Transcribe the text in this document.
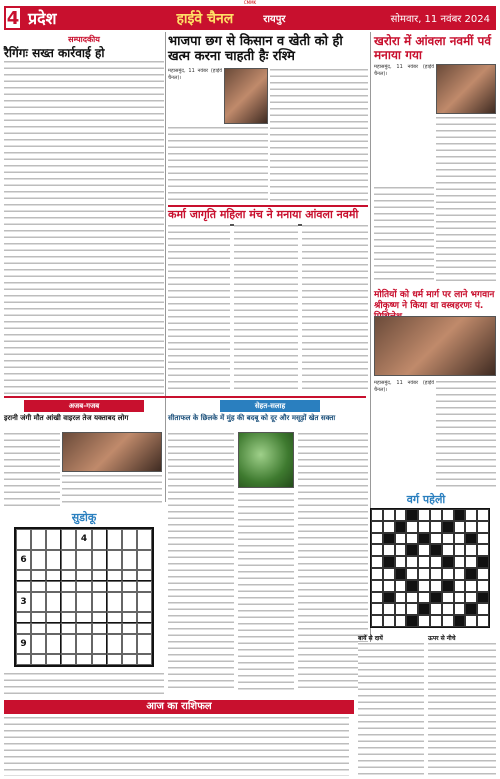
CMMK
4 प्रदेश	हाईवे चैनल	रायपुर	सोमवार, 11 नवंबर 2024
सम्पादकीय
रैगिंगः सख्त कार्रवाई हो
भाजपा छग से किसान व खेती को ही खत्म करना चाहती हैः रश्मि
महासमुंद, 11 नवंबर (हाईवे चैनल)।
खरोरा में आंवला नवमीं पर्व मनाया गया
महासमुंद, 11 नवंबर (हाईवे चैनल)।
कर्मा जागृति महिला मंच ने मनाया आंवला नवमी
मोतियों को धर्म मार्ग पर लाने भगवान श्रीकृष्ण ने किया था वस्त्रहरणः पं.
महासमुंद, 11 नवंबर (हाईवे चैनल)।
अजब-गजब
इरानी जंगी मौत आंखी वाइरल तेज यक्ताबद लोग
सेहत-सलाह
सीताफल के छिलके में मुंह की बदबू को दूर और मसूड़ों खेत सक्ता
सुडोकू
4
6
3
9
आज का राशिफल
वर्ग पहेली
बायें से दायें	ऊपर से नीचे
